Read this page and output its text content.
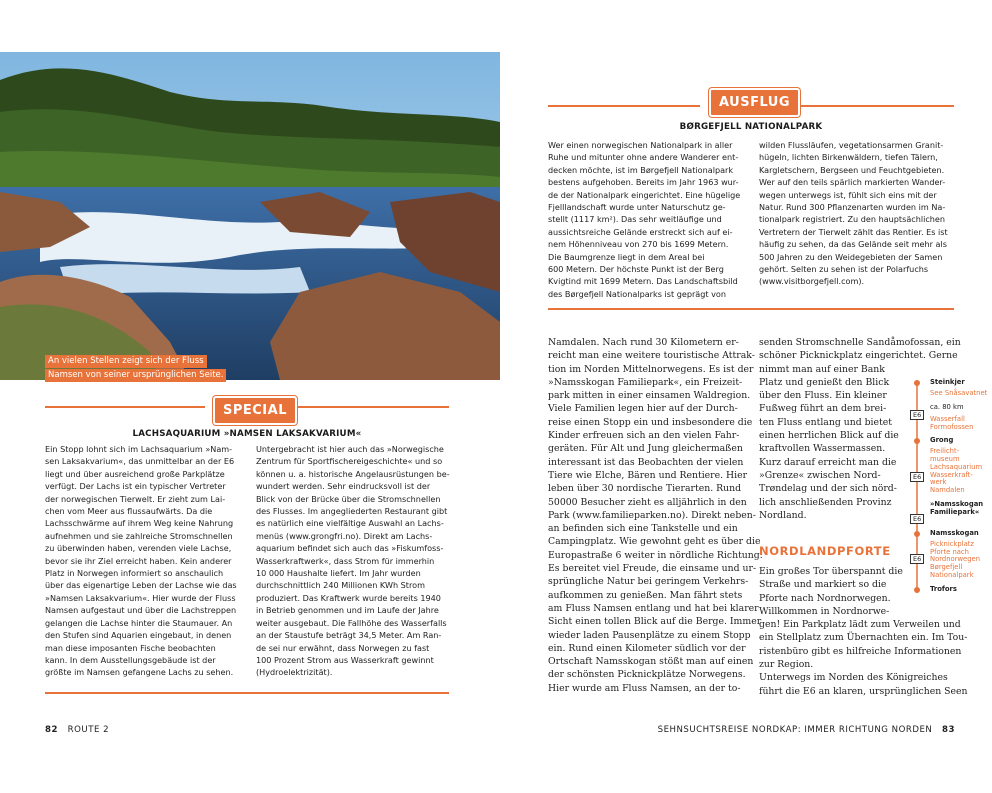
An vielen Stellen zeigt sich der Fluss
Namsen von seiner ursprünglichen Seite.
SPECIAL
LACHSAQUARIUM »NAMSEN LAKSAKVARIUM«

Ein Stopp lohnt sich im Lachsaquarium »Nam-

sen Laksakvarium«, das unmittelbar an der E6

liegt und über ausreichend große Parkplätze

verfügt. Der Lachs ist ein typischer Vertreter

der norwegischen Tierwelt. Er zieht zum Lai-

chen vom Meer aus flussaufwärts. Da die

Lachsschwärme auf ihrem Weg keine Nahrung

aufnehmen und sie zahlreiche Stromschnellen

zu überwinden haben, verenden viele Lachse,

bevor sie ihr Ziel erreicht haben. Kein anderer

Platz in Norwegen informiert so anschaulich

über das eigenartige Leben der Lachse wie das

»Namsen Laksakvarium«. Hier wurde der Fluss

Namsen aufgestaut und über die Lachstreppen

gelangen die Lachse hinter die Staumauer. An

den Stufen sind Aquarien eingebaut, in denen

man diese imposanten Fische beobachten

kann. In dem Ausstellungsgebäude ist der

größte im Namsen gefangene Lachs zu sehen.

Untergebracht ist hier auch das »Norwegische

Zentrum für Sportfischereigeschichte« und so

können u. a. historische Angelausrüstungen be-

wundert werden. Sehr eindrucksvoll ist der

Blick von der Brücke über die Stromschnellen

des Flusses. Im angegliederten Restaurant gibt

es natürlich eine vielfältige Auswahl an Lachs-

menüs (www.grongfri.no). Direkt am Lachs-

aquarium befindet sich auch das »Fiskumfoss-

Wasserkraftwerk«, dass Strom für immerhin

10 000 Haushalte liefert. Im Jahr wurden

durchschnittlich 240 Millionen KWh Strom

produziert. Das Kraftwerk wurde bereits 1940

in Betrieb genommen und im Laufe der Jahre

weiter ausgebaut. Die Fallhöhe des Wasserfalls

an der Staustufe beträgt 34,5 Meter. Am Ran-

de sei nur erwähnt, dass Norwegen zu fast

100 Prozent Strom aus Wasserkraft gewinnt

(Hydroelektrizität).

AUSFLUG
BØRGEFJELL NATIONALPARK

Wer einen norwegischen Nationalpark in aller

Ruhe und mitunter ohne andere Wanderer ent-

decken möchte, ist im Børgefjell Nationalpark

bestens aufgehoben. Bereits im Jahr 1963 wur-

de der Nationalpark eingerichtet. Eine hügelige

Fjelllandschaft wurde unter Naturschutz ge-

stellt (1117 km²). Das sehr weitläufige und

aussichtsreiche Gelände erstreckt sich auf ei-

nem Höhenniveau von 270 bis 1699 Metern.

Die Baumgrenze liegt in dem Areal bei

600 Metern. Der höchste Punkt ist der Berg

Kvigtind mit 1699 Metern. Das Landschaftsbild

des Børgefjell Nationalparks ist geprägt von

wilden Flussläufen, vegetationsarmen Granit-

hügeln, lichten Birkenwäldern, tiefen Tälern,

Kargletschern, Bergseen und Feuchtgebieten.

Wer auf den teils spärlich markierten Wander-

wegen unterwegs ist, fühlt sich eins mit der

Natur. Rund 300 Pflanzenarten wurden im Na-

tionalpark registriert. Zu den hauptsächlichen

Vertretern der Tierwelt zählt das Rentier. Es ist

häufig zu sehen, da das Gelände seit mehr als

500 Jahren zu den Weidegebieten der Samen

gehört. Selten zu sehen ist der Polarfuchs

(www.visitborgefjell.com).

Namdalen. Nach rund 30 Kilometern er-

reicht man eine weitere touristische Attrak-

tion im Norden Mittelnorwegens. Es ist der

»Namsskogan Familiepark«, ein Freizeit-

park mitten in einer einsamen Waldregion.

Viele Familien legen hier auf der Durch-

reise einen Stopp ein und insbesondere die

Kinder erfreuen sich an den vielen Fahr-

geräten. Für Alt und Jung gleichermaßen

interessant ist das Beobachten der vielen

Tiere wie Elche, Bären und Rentiere. Hier

leben über 30 nordische Tierarten. Rund

50000 Besucher zieht es alljährlich in den

Park (www.familieparken.no). Direkt neben-

an befinden sich eine Tankstelle und ein

Campingplatz. Wie gewohnt geht es über die

Europastraße 6 weiter in nördliche Richtung.

Es bereitet viel Freude, die einsame und ur-

sprüngliche Natur bei geringem Verkehrs-

aufkommen zu genießen. Man fährt stets

am Fluss Namsen entlang und hat bei klarer

Sicht einen tollen Blick auf die Berge. Immer

wieder laden Pausenplätze zu einem Stopp

ein. Rund einen Kilometer südlich vor der

Ortschaft Namsskogan stößt man auf einen

der schönsten Picknickplätze Norwegens.

Hier wurde am Fluss Namsen, an der to-

senden Stromschnelle Sandåmofossan, ein

schöner Picknickplatz eingerichtet. Gerne

nimmt man auf einer Bank

Platz und genießt den Blick

über den Fluss. Ein kleiner

Fußweg führt an dem brei-

ten Fluss entlang und bietet

einen herrlichen Blick auf die

kraftvollen Wassermassen.

Kurz darauf erreicht man die

»Grenze« zwischen Nord-

Trøndelag und der sich nörd-

lich anschließenden Provinz

Nordland.

NORDLANDPFORTE

Ein großes Tor überspannt die

Straße und markiert so die

Pforte nach Nordnorwegen.

Willkommen in Nordnorwe-

gen! Ein Parkplatz lädt zum Verweilen und

ein Stellplatz zum Übernachten ein. Im Tou-

ristenbüro gibt es hilfreiche Informationen

zur Region.

Unterwegs im Norden des Königreiches

führt die E6 an klaren, ursprünglichen Seen

Steinkjer
See Snåsavatnet
ca. 80 km
E6	Wasserfall
Formofossen
Grong
Freilicht-
museum
Lachsaquarium
Wasserkraft-
werk
E6
Namdalen
»Namsskogan
Familiepark«
E6
Namsskogan
Picknickplatz
Pforte nach
Nordnorwegen
E6
Børgefjell
Nationalpark
Trofors
82 ROUTE 2	SEHNSUCHTSREISE NORDKAP: IMMER RICHTUNG NORDEN 83
